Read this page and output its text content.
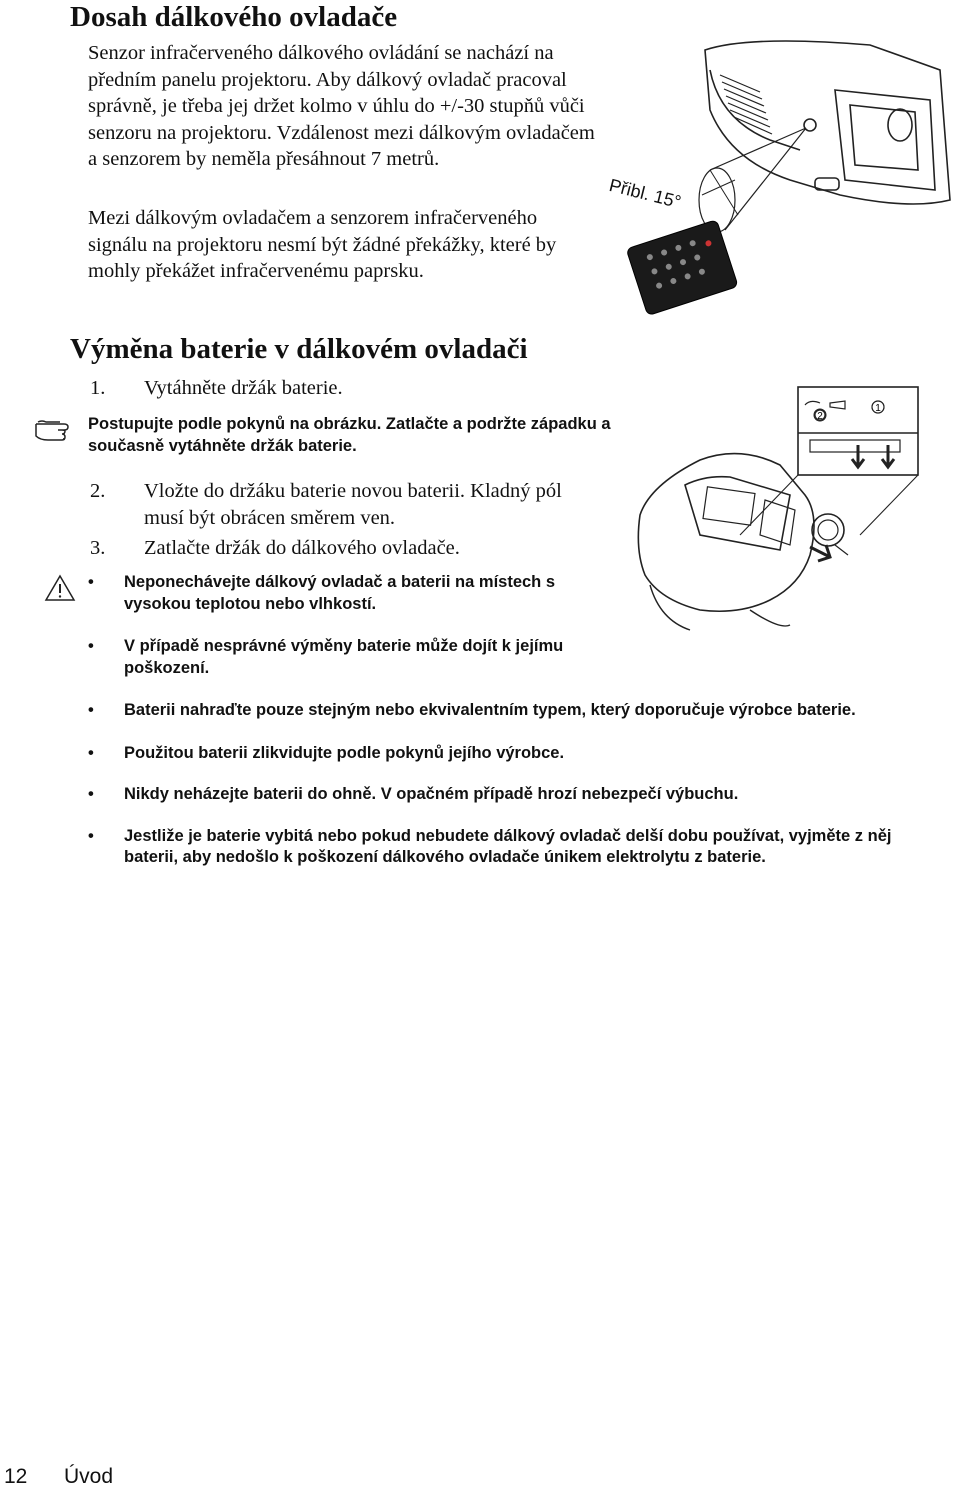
Dosah dálkového ovladače

Senzor infračerveného dálkového ovládání se nachází na předním panelu projektoru. Aby dálkový ovladač pracoval správně, je třeba jej držet kolmo v úhlu do +/-30 stupňů vůči senzoru na projektoru. Vzdálenost mezi dálkovým ovladačem a senzorem by neměla přesáhnout 7 metrů.

Mezi dálkovým ovladačem a senzorem infračerveného signálu na projektoru nesmí být žádné překážky, které by mohly překážet infračervenému paprsku.

Přibl. 15°
Výměna baterie v dálkovém ovladači
1.	Vytáhněte držák baterie.
Postupujte podle pokynů na obrázku. Zatlačte a podržte západku a současně vytáhněte držák baterie.
2.	Vložte do držáku baterie novou baterii. Kladný pól musí být obrácen směrem ven.
3.	Zatlačte držák do dálkového ovladače.
2
1
• Neponechávejte dálkový ovladač a baterii na místech s vysokou teplotou nebo vlhkostí.
• V případě nesprávné výměny baterie může dojít k jejímu poškození.
• Baterii nahraďte pouze stejným nebo ekvivalentním typem, který doporučuje výrobce baterie.
• Použitou baterii zlikvidujte podle pokynů jejího výrobce.
• Nikdy neházejte baterii do ohně. V opačném případě hrozí nebezpečí výbuchu.
• Jestliže je baterie vybitá nebo pokud nebudete dálkový ovladač delší dobu používat, vyjměte z něj baterii, aby nedošlo k poškození dálkového ovladače únikem elektrolytu z baterie.
12 Úvod
